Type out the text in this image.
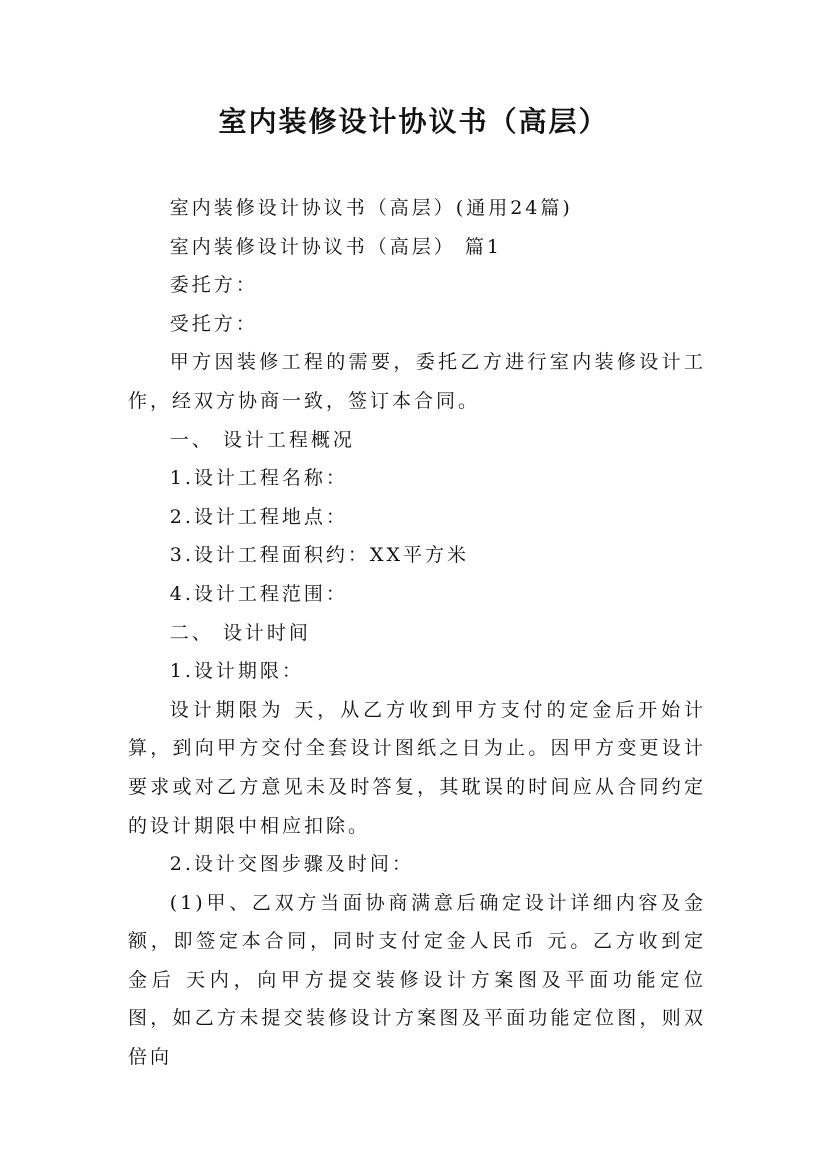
室内装修设计协议书（高层）

室内装修设计协议书（高层）(通用24篇)

室内装修设计协议书（高层） 篇1

委托方：

受托方：

甲方因装修工程的需要，委托乙方进行室内装修设计工作，经双方协商一致，签订本合同。

一、 设计工程概况

1.设计工程名称：

2.设计工程地点：

3.设计工程面积约：XX平方米

4.设计工程范围：

二、 设计时间

1.设计期限：

设计期限为 天，从乙方收到甲方支付的定金后开始计算，到向甲方交付全套设计图纸之日为止。因甲方变更设计要求或对乙方意见未及时答复，其耽误的时间应从合同约定的设计期限中相应扣除。

2.设计交图步骤及时间：

(1)甲、乙双方当面协商满意后确定设计详细内容及金额，即签定本合同，同时支付定金人民币 元。乙方收到定金后 天内，向甲方提交装修设计方案图及平面功能定位图，如乙方未提交装修设计方案图及平面功能定位图，则双倍向
